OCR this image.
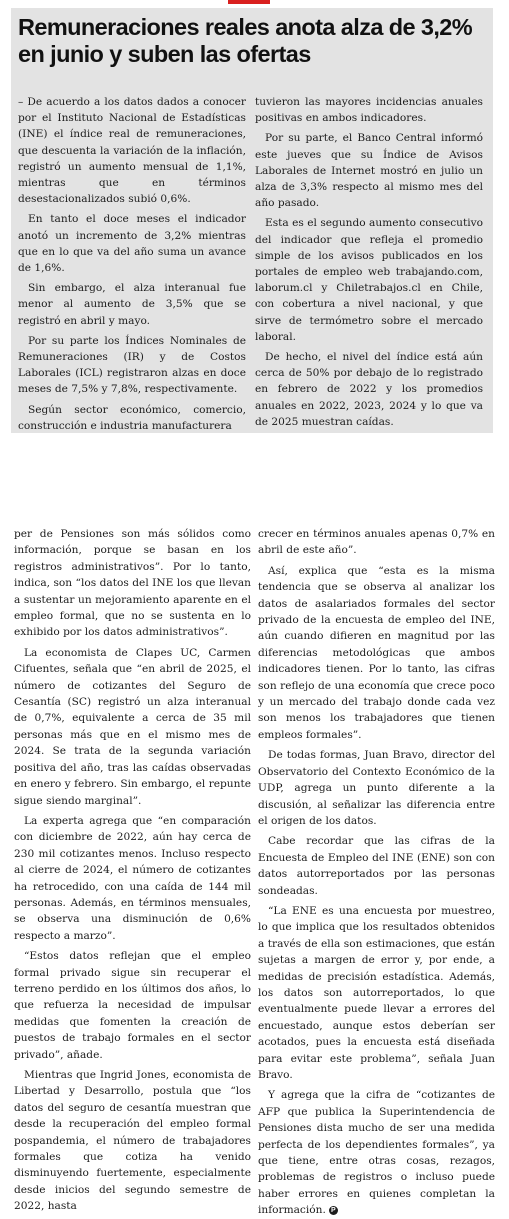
Remuneraciones reales anota alza de 3,2% en junio y suben las ofertas

– De acuerdo a los datos dados a conocer por el Instituto Nacional de Estadísticas (INE) el índice real de remuneraciones, que descuenta la variación de la inflación, registró un aumento mensual de 1,1%, mientras que en términos desestacionalizados subió 0,6%.

En tanto el doce meses el indicador anotó un incremento de 3,2% mientras que en lo que va del año suma un avance de 1,6%.

Sin embargo, el alza interanual fue menor al aumento de 3,5% que se registró en abril y mayo.

Por su parte los Índices Nominales de Remuneraciones (IR) y de Costos Laborales (ICL) registraron alzas en doce meses de 7,5% y 7,8%, respectivamente.

Según sector económico, comercio, construcción e industria manufacturera

tuvieron las mayores incidencias anuales positivas en ambos indicadores.

Por su parte, el Banco Central informó este jueves que su Índice de Avisos Laborales de Internet mostró en julio un alza de 3,3% respecto al mismo mes del año pasado.

Esta es el segundo aumento consecutivo del indicador que refleja el promedio simple de los avisos publicados en los portales de empleo web trabajando.com, laborum.cl y Chiletrabajos.cl en Chile, con cobertura a nivel nacional, y que sirve de termómetro sobre el mercado laboral.

De hecho, el nivel del índice está aún cerca de 50% por debajo de lo registrado en febrero de 2022 y los promedios anuales en 2022, 2023, 2024 y lo que va de 2025 muestran caídas.

per de Pensiones son más sólidos como información, porque se basan en los registros administrativos”. Por lo tanto, indica, son “los datos del INE los que llevan a sustentar un mejoramiento aparente en el empleo formal, que no se sustenta en lo exhibido por los datos administrativos”.

La economista de Clapes UC, Carmen Cifuentes, señala que “en abril de 2025, el número de cotizantes del Seguro de Cesantía (SC) registró un alza interanual de 0,7%, equivalente a cerca de 35 mil personas más que en el mismo mes de 2024. Se trata de la segunda variación positiva del año, tras las caídas observadas en enero y febrero. Sin embargo, el repunte sigue siendo marginal”.

La experta agrega que “en comparación con diciembre de 2022, aún hay cerca de 230 mil cotizantes menos. Incluso respecto al cierre de 2024, el número de cotizantes ha retrocedido, con una caída de 144 mil personas. Además, en términos mensuales, se observa una disminución de 0,6% respecto a marzo”.

“Estos datos reflejan que el empleo formal privado sigue sin recuperar el terreno perdido en los últimos dos años, lo que refuerza la necesidad de impulsar medidas que fomenten la creación de puestos de trabajo formales en el sector privado”, añade.

Mientras que Ingrid Jones, economista de Libertad y Desarrollo, postula que “los datos del seguro de cesantía muestran que desde la recuperación del empleo formal pospandemia, el número de trabajadores formales que cotiza ha venido disminuyendo fuertemente, especialmente desde inicios del segundo semestre de 2022, hasta

crecer en términos anuales apenas 0,7% en abril de este año”.

Así, explica que “esta es la misma tendencia que se observa al analizar los datos de asalariados formales del sector privado de la encuesta de empleo del INE, aún cuando difieren en magnitud por las diferencias metodológicas que ambos indicadores tienen. Por lo tanto, las cifras son reflejo de una economía que crece poco y un mercado del trabajo donde cada vez son menos los trabajadores que tienen empleos formales”.

De todas formas, Juan Bravo, director del Observatorio del Contexto Económico de la UDP, agrega un punto diferente a la discusión, al señalizar las diferencia entre el origen de los datos.

Cabe recordar que las cifras de la Encuesta de Empleo del INE (ENE) son con datos autorreportados por las personas sondeadas.

“La ENE es una encuesta por muestreo, lo que implica que los resultados obtenidos a través de ella son estimaciones, que están sujetas a margen de error y, por ende, a medidas de precisión estadística. Además, los datos son autorreportados, lo que eventualmente puede llevar a errores del encuestado, aunque estos deberían ser acotados, pues la encuesta está diseñada para evitar este problema”, señala Juan Bravo.

Y agrega que la cifra de “cotizantes de AFP que publica la Superintendencia de Pensiones dista mucho de ser una medida perfecta de los dependientes formales”, ya que tiene, entre otras cosas, rezagos, problemas de registros o incluso puede haber errores en quienes completan la información. P
